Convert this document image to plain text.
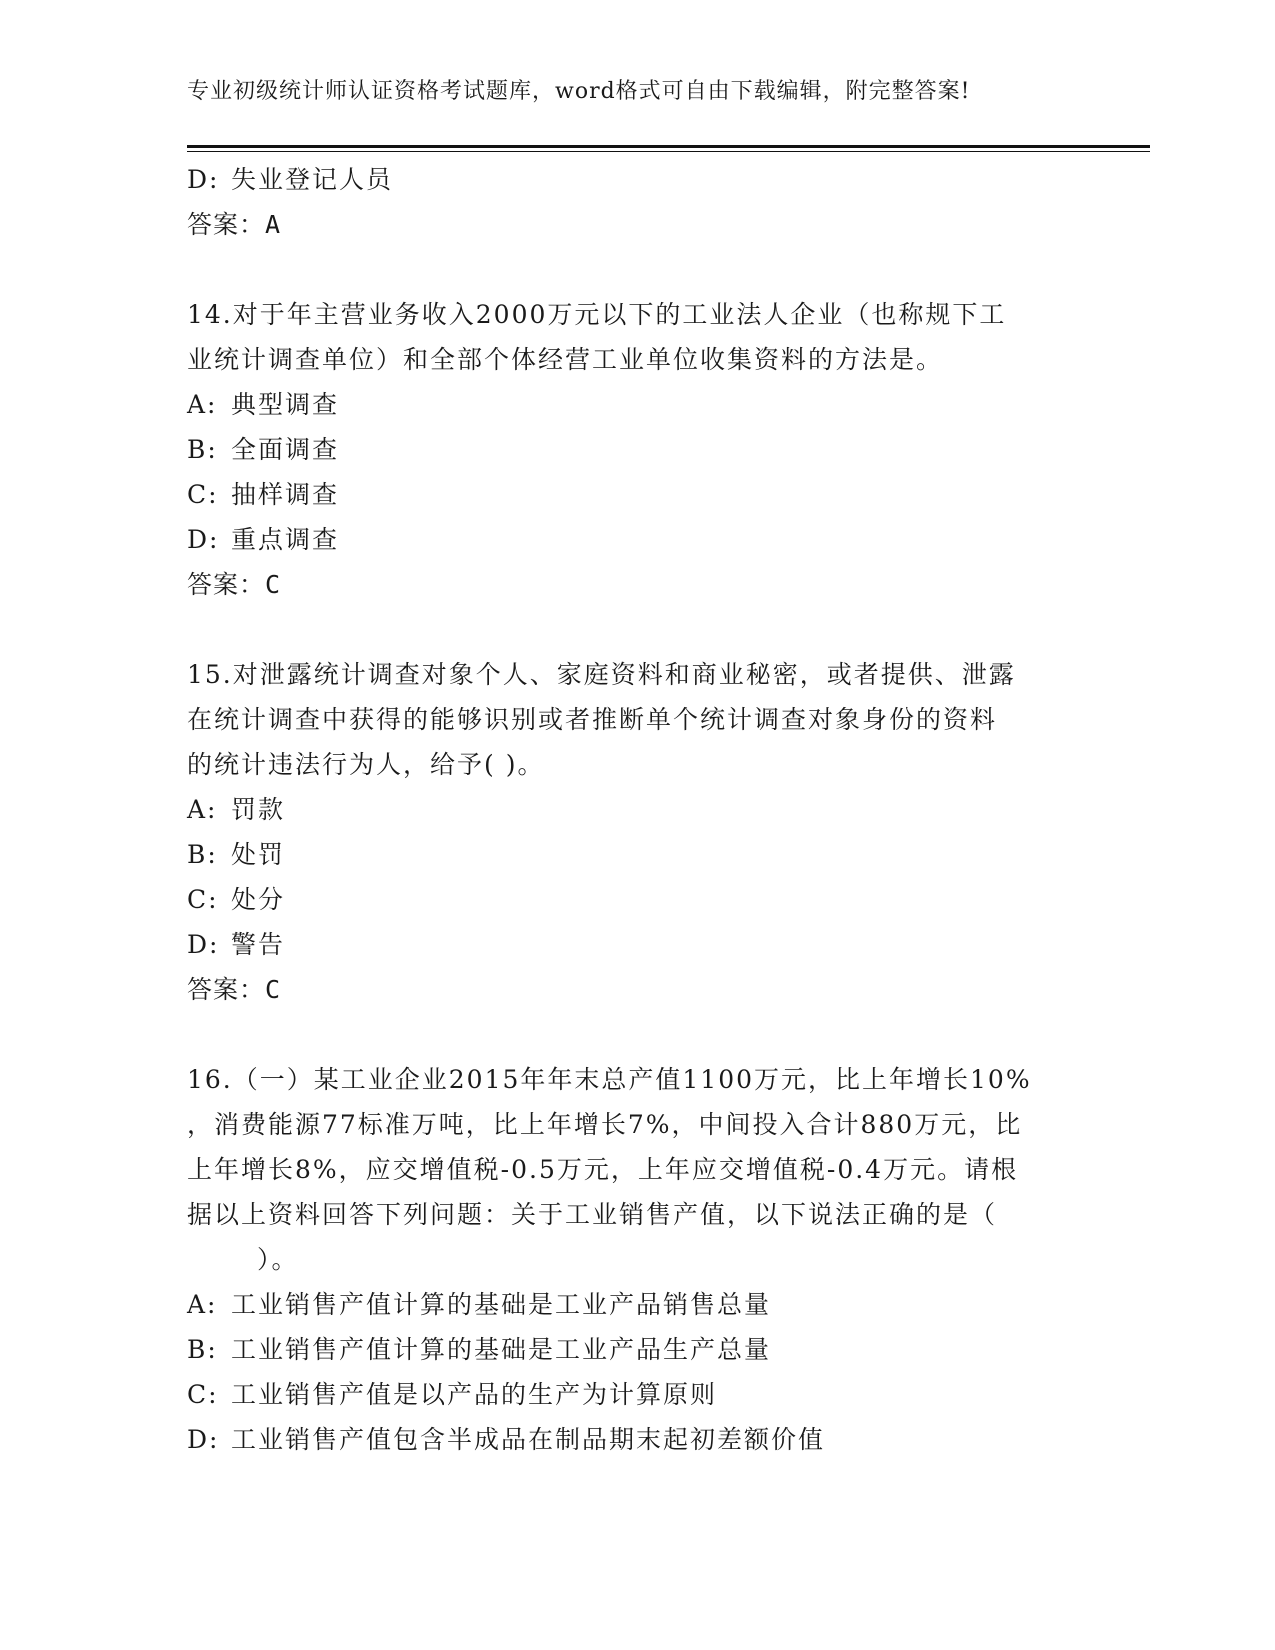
专业初级统计师认证资格考试题库，word格式可自由下载编辑，附完整答案!
D: 失业登记人员
答案：A
14.对于年主营业务收入2000万元以下的工业法人企业（也称规下工
业统计调查单位）和全部个体经营工业单位收集资料的方法是。
A: 典型调查
B: 全面调查
C: 抽样调查
D: 重点调查
答案：C
15.对泄露统计调查对象个人、家庭资料和商业秘密，或者提供、泄露
在统计调查中获得的能够识别或者推断单个统计调查对象身份的资料
的统计违法行为人，给予( )。
A: 罚款
B: 处罚
C: 处分
D: 警告
答案：C
16.（一）某工业企业2015年年末总产值1100万元，比上年增长10%
，消费能源77标准万吨，比上年增长7%，中间投入合计880万元，比
上年增长8%，应交增值税-0.5万元，上年应交增值税-0.4万元。请根
据以上资料回答下列问题：关于工业销售产值，以下说法正确的是（
）。
A: 工业销售产值计算的基础是工业产品销售总量
B: 工业销售产值计算的基础是工业产品生产总量
C: 工业销售产值是以产品的生产为计算原则
D: 工业销售产值包含半成品在制品期末起初差额价值
